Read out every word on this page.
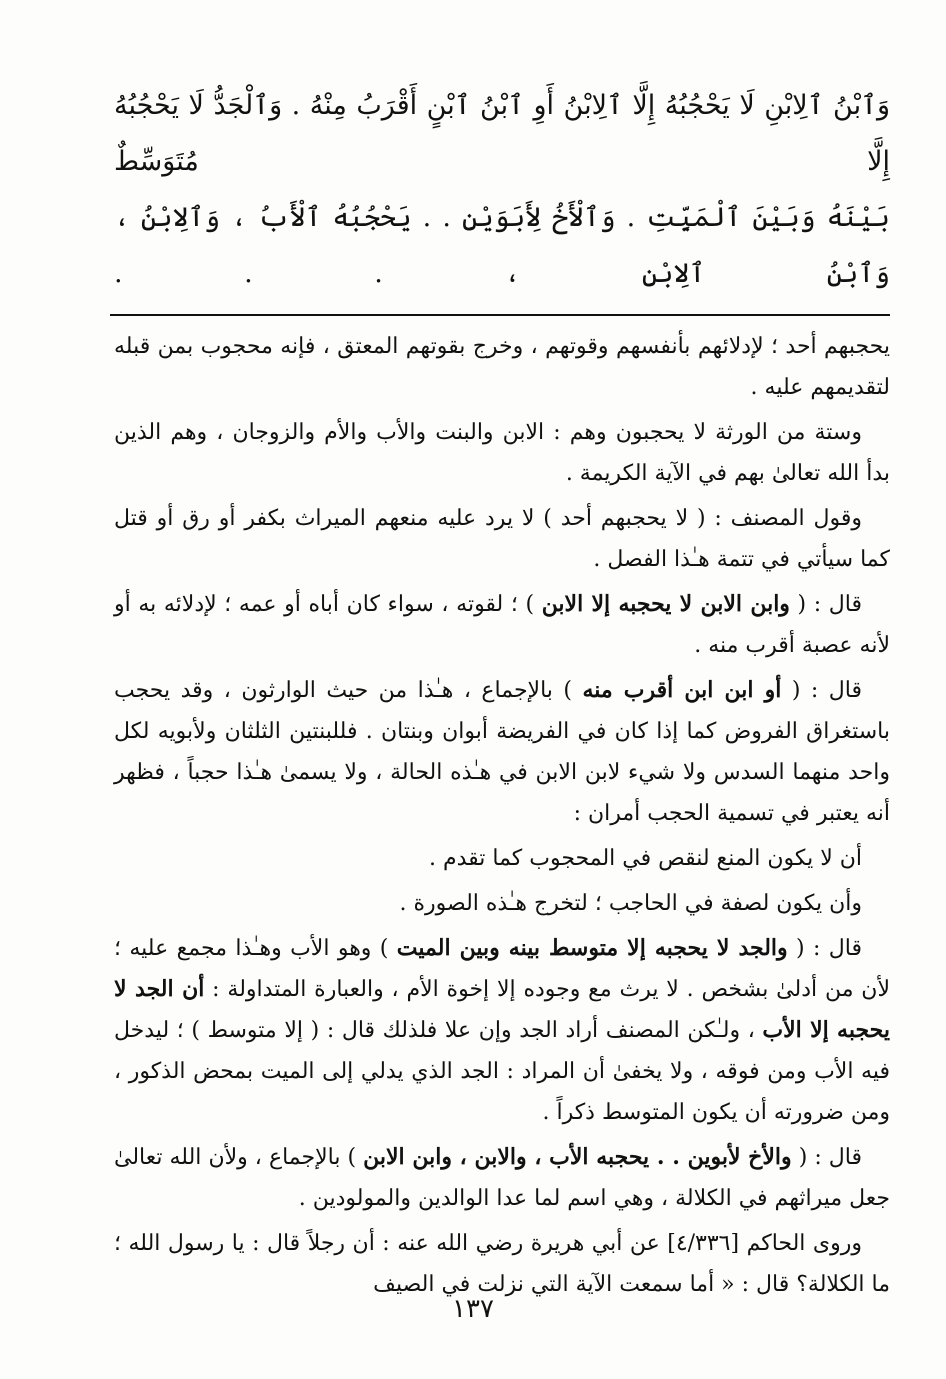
وَٱبْنُ ٱلِابْنِ لَا يَحْجُبُهُ إِلَّا ٱلِابْنُ أَوِ ٱبْنُ ٱبْنٍ أَقْرَبُ مِنْهُ . وَٱلْجَدُّ لَا يَحْجُبُهُ إِلَّا مُتَوَسِّطٌ
بَيْنَهُ وَبَيْنَ ٱلْمَيِّتِ . وَٱلْأَخُ لِأَبَوَيْنِ . . يَحْجُبُهُ ٱلْأَبُ ، وَٱلِابْنُ ، وَٱبْنُ ٱلِابْنِ ، . . .

يحجبهم أحد ؛ لإدلائهم بأنفسهم وقوتهم ، وخرج بقوتهم المعتق ، فإنه محجوب بمن قبله لتقديمهم عليه .

وستة من الورثة لا يحجبون وهم : الابن والبنت والأب والأم والزوجان ، وهم الذين بدأ الله تعالىٰ بهم في الآية الكريمة .

وقول المصنف : ( لا يحجبهم أحد ) لا يرد عليه منعهم الميراث بكفر أو رق أو قتل كما سيأتي في تتمة هـٰذا الفصل .

قال : ( وابن الابن لا يحجبه إلا الابن ) ؛ لقوته ، سواء كان أباه أو عمه ؛ لإدلائه به أو لأنه عصبة أقرب منه .

قال : ( أو ابن ابن أقرب منه ) بالإجماع ، هـٰذا من حيث الوارثون ، وقد يحجب باستغراق الفروض كما إذا كان في الفريضة أبوان وبنتان . فللبنتين الثلثان ولأبويه لكل واحد منهما السدس ولا شيء لابن الابن في هـٰذه الحالة ، ولا يسمىٰ هـٰذا حجباً ، فظهر أنه يعتبر في تسمية الحجب أمران :

أن لا يكون المنع لنقص في المحجوب كما تقدم .

وأن يكون لصفة في الحاجب ؛ لتخرج هـٰذه الصورة .

قال : ( والجد لا يحجبه إلا متوسط بينه وبين الميت ) وهو الأب وهـٰذا مجمع عليه ؛ لأن من أدلىٰ بشخص . لا يرث مع وجوده إلا إخوة الأم ، والعبارة المتداولة : أن الجد لا يحجبه إلا الأب ، ولـٰكن المصنف أراد الجد وإن علا فلذلك قال : ( إلا متوسط ) ؛ ليدخل فيه الأب ومن فوقه ، ولا يخفىٰ أن المراد : الجد الذي يدلي إلى الميت بمحض الذكور ، ومن ضرورته أن يكون المتوسط ذكراً .

قال : ( والأخ لأبوين . . يحجبه الأب ، والابن ، وابن الابن ) بالإجماع ، ولأن الله تعالىٰ جعل ميراثهم في الكلالة ، وهي اسم لما عدا الوالدين والمولودين .

وروى الحاكم [٤/٣٣٦] عن أبي هريرة رضي الله عنه : أن رجلاً قال : يا رسول الله ؛ ما الكلالة؟ قال : « أما سمعت الآية التي نزلت في الصيف

١٣٧
